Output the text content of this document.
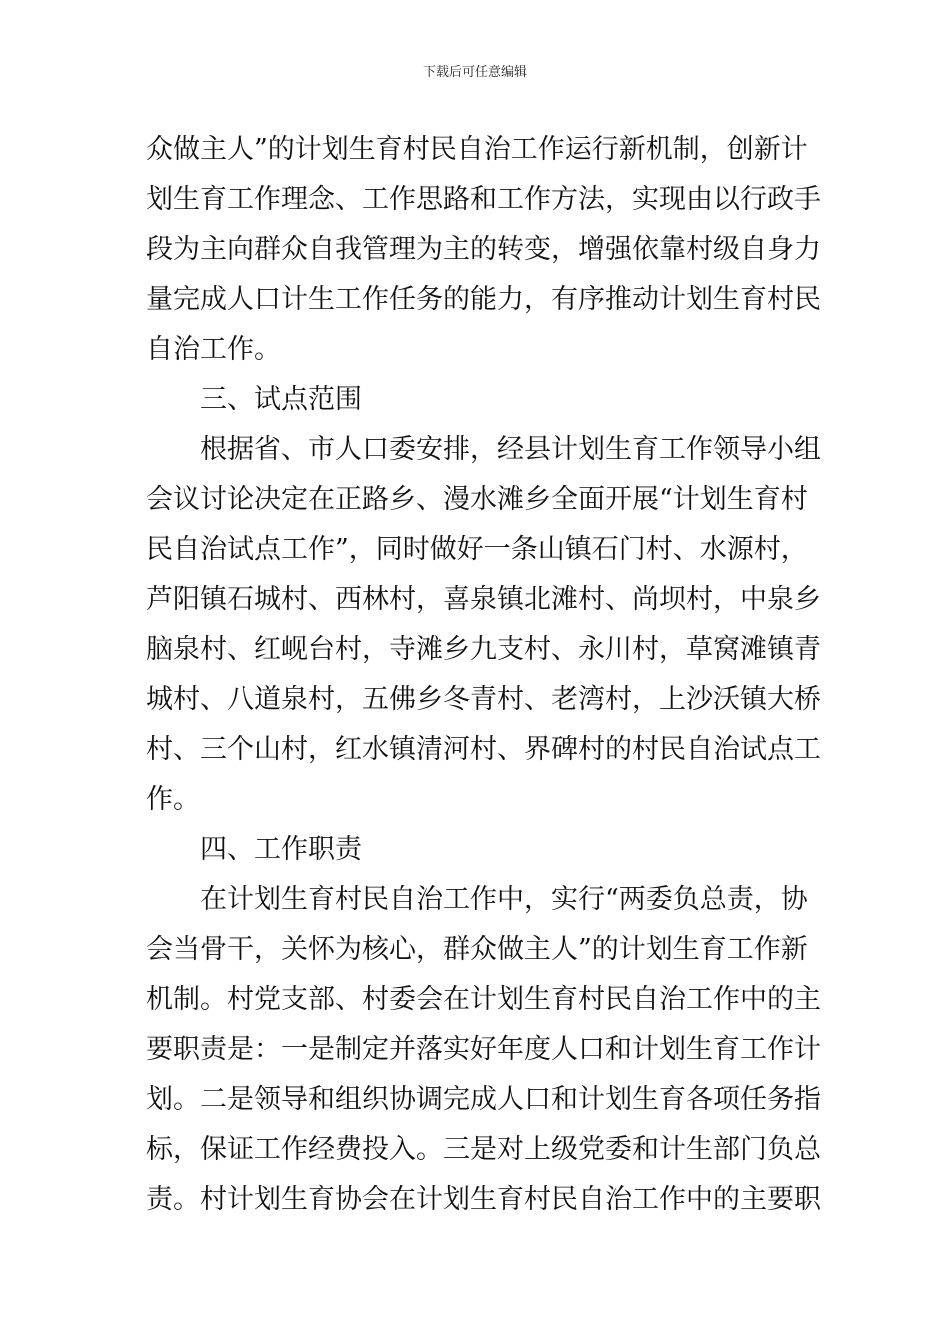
下载后可任意编辑
众做主人”的计划生育村民自治工作运行新机制，创新计
划生育工作理念、工作思路和工作方法，实现由以行政手
段为主向群众自我管理为主的转变，增强依靠村级自身力
量完成人口计生工作任务的能力，有序推动计划生育村民
自治工作。
三、试点范围
根据省、市人口委安排，经县计划生育工作领导小组
会议讨论决定在正路乡、漫水滩乡全面开展“计划生育村
民自治试点工作”，同时做好一条山镇石门村、水源村，
芦阳镇石城村、西林村，喜泉镇北滩村、尚坝村，中泉乡
脑泉村、红岘台村，寺滩乡九支村、永川村，草窝滩镇青
城村、八道泉村，五佛乡冬青村、老湾村，上沙沃镇大桥
村、三个山村，红水镇清河村、界碑村的村民自治试点工
作。
四、工作职责
在计划生育村民自治工作中，实行“两委负总责，协
会当骨干，关怀为核心，群众做主人”的计划生育工作新
机制。村党支部、村委会在计划生育村民自治工作中的主
要职责是：一是制定并落实好年度人口和计划生育工作计
划。二是领导和组织协调完成人口和计划生育各项任务指
标，保证工作经费投入。三是对上级党委和计生部门负总
责。村计划生育协会在计划生育村民自治工作中的主要职
